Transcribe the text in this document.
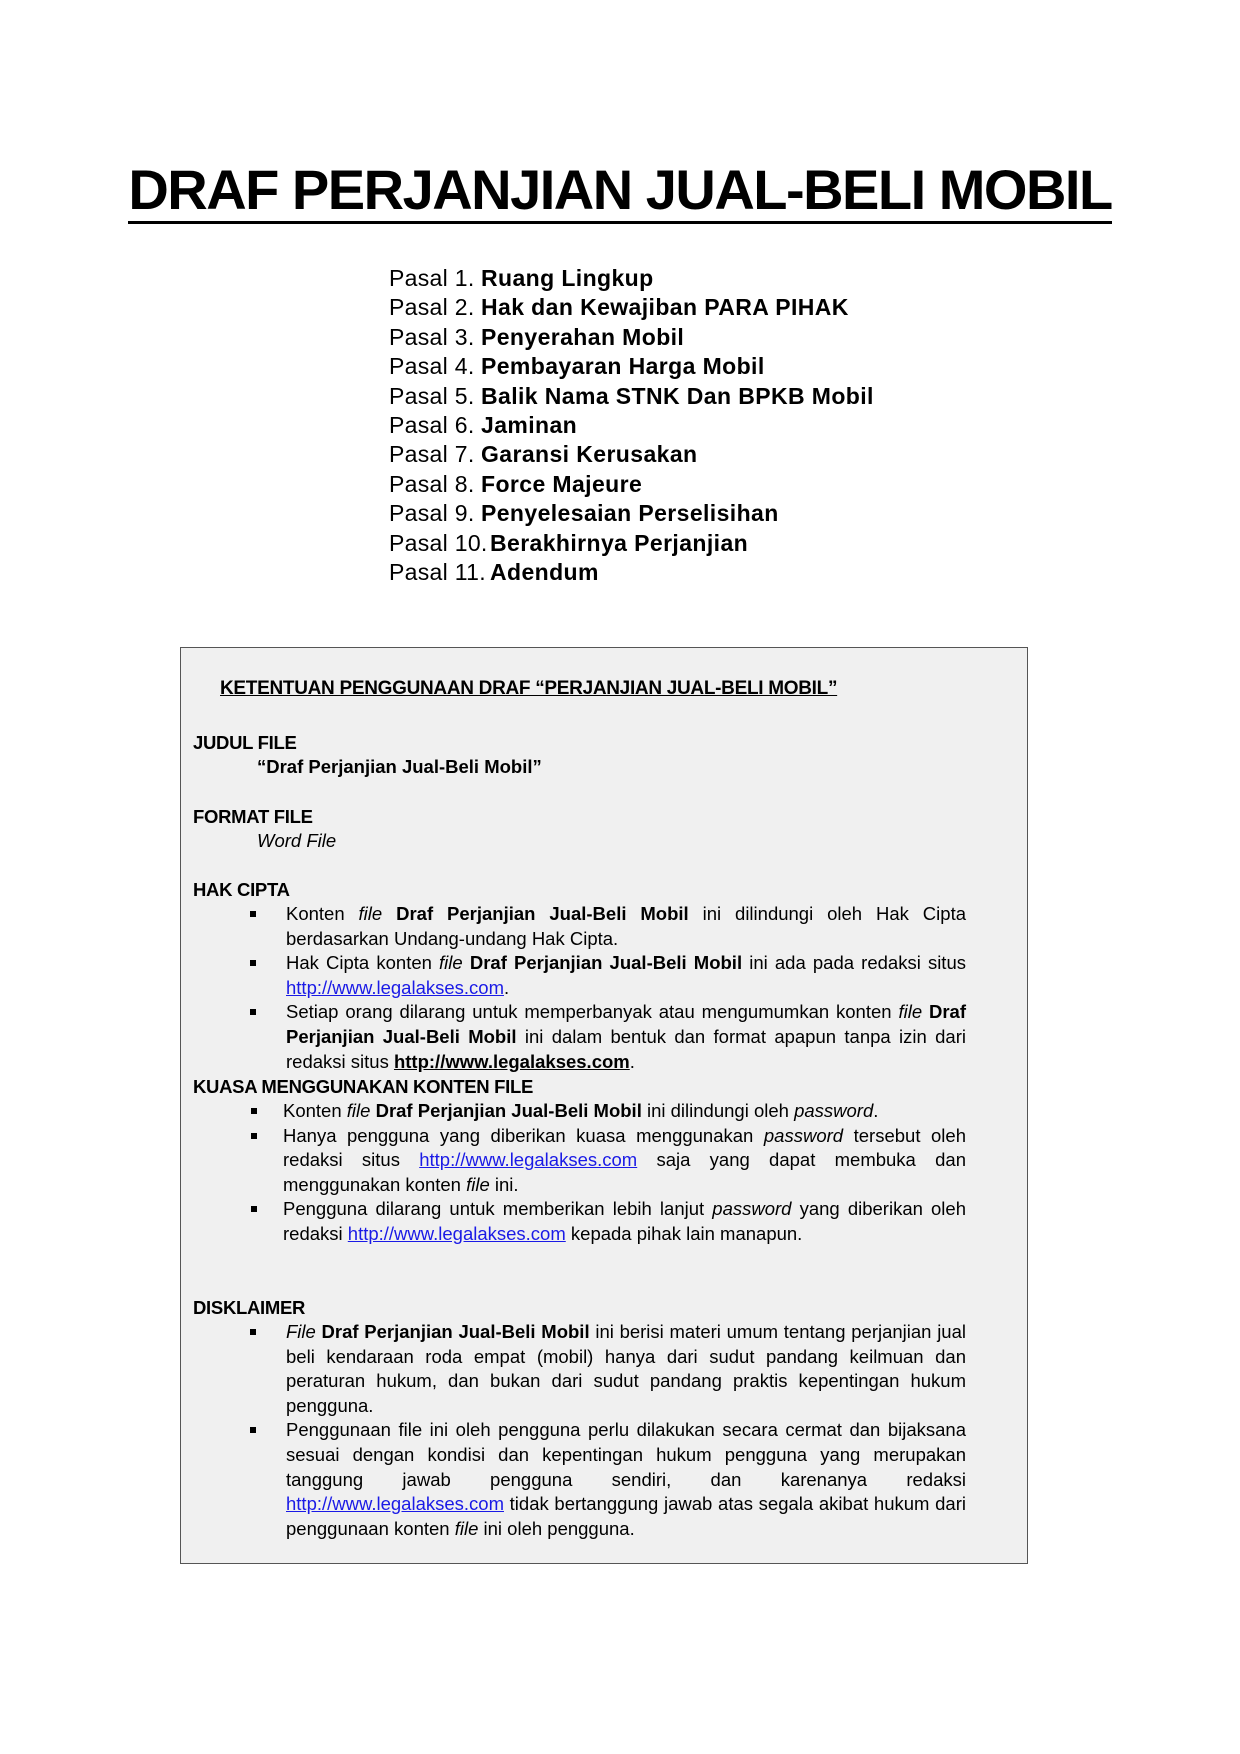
DRAF PERJANJIAN JUAL-BELI MOBIL
Pasal 1. Ruang Lingkup
Pasal 2. Hak dan Kewajiban PARA PIHAK
Pasal 3. Penyerahan Mobil
Pasal 4. Pembayaran Harga Mobil
Pasal 5. Balik Nama STNK Dan BPKB Mobil
Pasal 6. Jaminan
Pasal 7. Garansi Kerusakan
Pasal 8. Force Majeure
Pasal 9. Penyelesaian Perselisihan
Pasal 10. Berakhirnya Perjanjian
Pasal 11. Adendum
KETENTUAN PENGGUNAAN DRAF “PERJANJIAN JUAL-BELI MOBIL”
JUDUL FILE
“Draf Perjanjian Jual-Beli Mobil”
FORMAT FILE
Word File
HAK CIPTA
Konten file Draf Perjanjian Jual-Beli Mobil ini dilindungi oleh Hak Cipta berdasarkan Undang-undang Hak Cipta.
Hak Cipta konten file Draf Perjanjian Jual-Beli Mobil ini ada pada redaksi situs http://www.legalakses.com.
Setiap orang dilarang untuk memperbanyak atau mengumumkan konten file Draf Perjanjian Jual-Beli Mobil ini dalam bentuk dan format apapun tanpa izin dari redaksi situs http://www.legalakses.com.
KUASA MENGGUNAKAN KONTEN FILE
Konten file Draf Perjanjian Jual-Beli Mobil ini dilindungi oleh password.
Hanya pengguna yang diberikan kuasa menggunakan password tersebut oleh redaksi situs http://www.legalakses.com saja yang dapat membuka dan menggunakan konten file ini.
Pengguna dilarang untuk memberikan lebih lanjut password yang diberikan oleh redaksi http://www.legalakses.com kepada pihak lain manapun.
DISKLAIMER
File Draf Perjanjian Jual-Beli Mobil ini berisi materi umum tentang perjanjian jual beli kendaraan roda empat (mobil) hanya dari sudut pandang keilmuan dan peraturan hukum, dan bukan dari sudut pandang praktis kepentingan hukum pengguna.
Penggunaan file ini oleh pengguna perlu dilakukan secara cermat dan bijaksana sesuai dengan kondisi dan kepentingan hukum pengguna yang merupakan tanggung jawab pengguna sendiri, dan karenanya redaksi http://www.legalakses.com tidak bertanggung jawab atas segala akibat hukum dari penggunaan konten file ini oleh pengguna.
